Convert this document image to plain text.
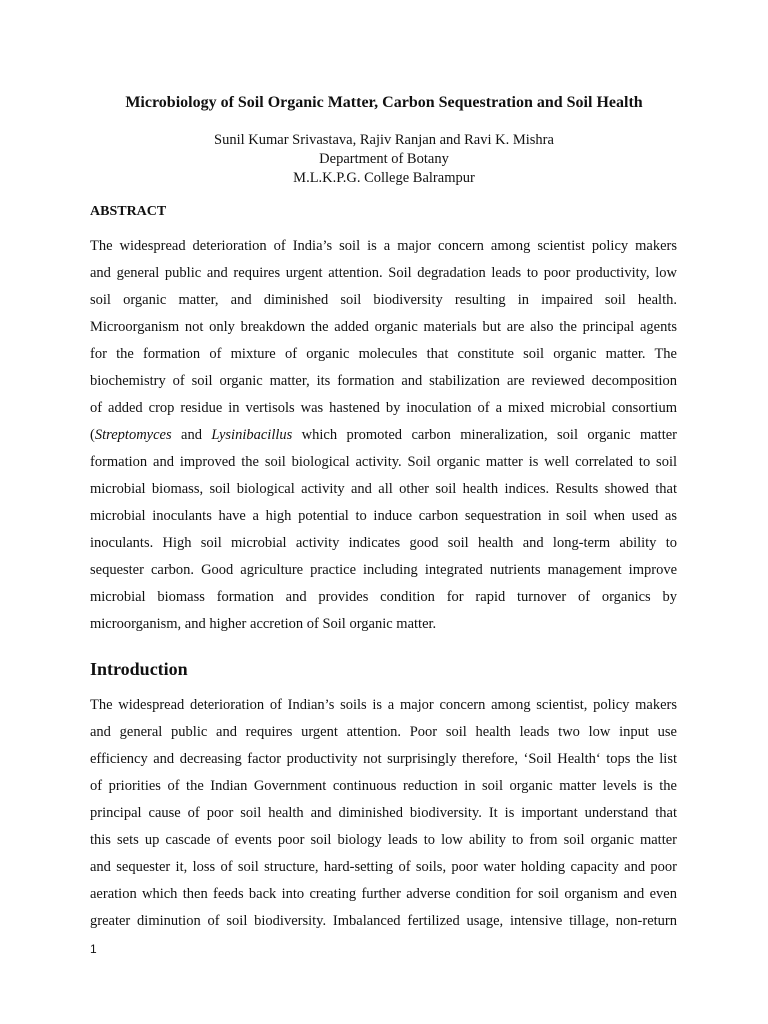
Microbiology of Soil Organic Matter, Carbon Sequestration and Soil Health
Sunil Kumar Srivastava, Rajiv Ranjan and Ravi K. Mishra
Department of Botany
M.L.K.P.G. College Balrampur
ABSTRACT
The widespread deterioration of India’s soil is a major concern among scientist policy makers
and general public and requires urgent attention. Soil degradation leads to poor productivity, low
soil organic matter, and diminished soil biodiversity resulting in impaired soil health.
Microorganism not only breakdown the added organic materials but are also the principal agents
for the formation of mixture of organic molecules that constitute soil organic matter. The
biochemistry of soil organic matter, its formation and stabilization are reviewed decomposition
of added crop residue in vertisols was hastened by inoculation of a mixed microbial consortium
(Streptomyces and Lysinibacillus which promoted carbon mineralization, soil organic matter
formation and improved the soil biological activity. Soil organic matter is well correlated to soil
microbial biomass, soil biological activity and all other soil health indices. Results showed that
microbial inoculants have a high potential to induce carbon sequestration in soil when used as
inoculants. High soil microbial activity indicates good soil health and long-term ability to
sequester carbon. Good agriculture practice including integrated nutrients management improve
microbial biomass formation and provides condition for rapid turnover of organics by
microorganism, and higher accretion of Soil organic matter.
Introduction
The widespread deterioration of Indian’s soils is a major concern among scientist, policy makers
and general public and requires urgent attention. Poor soil health leads two low input use
efficiency and decreasing factor productivity not surprisingly therefore, ‘Soil Health‘ tops the list
of priorities of the Indian Government continuous reduction in soil organic matter levels is the
principal cause of poor soil health and diminished biodiversity. It is important understand that
this sets up cascade of events poor soil biology leads to low ability to from soil organic matter
and sequester it, loss of soil structure, hard-setting of soils, poor water holding capacity and poor
aeration which then feeds back into creating further adverse condition for soil organism and even
greater diminution of soil biodiversity. Imbalanced fertilized usage, intensive tillage, non-return
1
